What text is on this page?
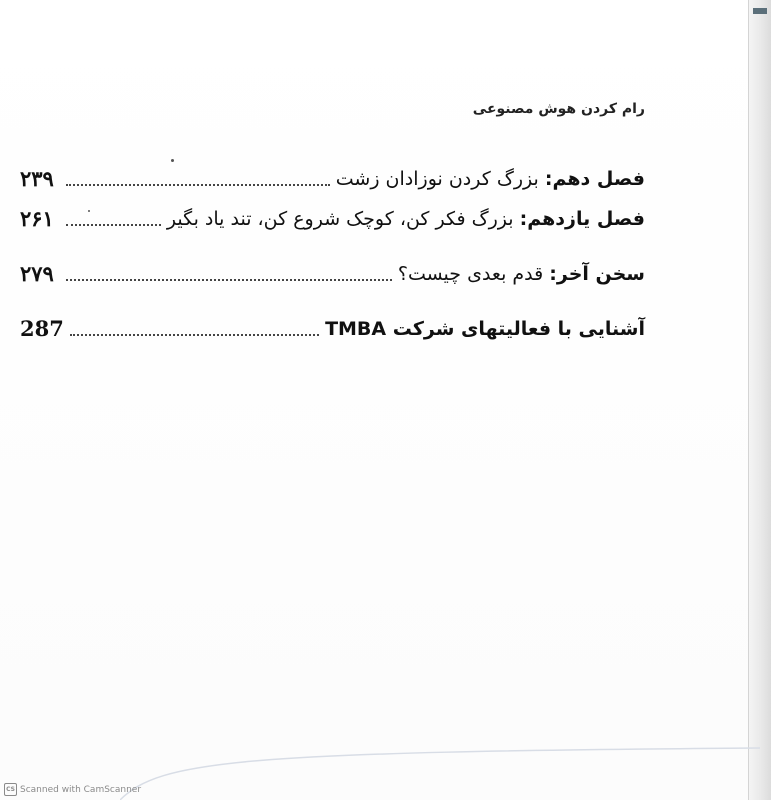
رام کردن هوش مصنوعی
فصل دهم: بزرگ کردن نوزادان زشت
۲۳۹
فصل یازدهم: بزرگ فکر کن، کوچک شروع کن، تند یاد بگیر
۲۶۱
سخن آخر: قدم بعدی چیست؟
۲۷۹
آشنایی با فعالیتهای شرکت TMBA
287
CS Scanned with CamScanner
